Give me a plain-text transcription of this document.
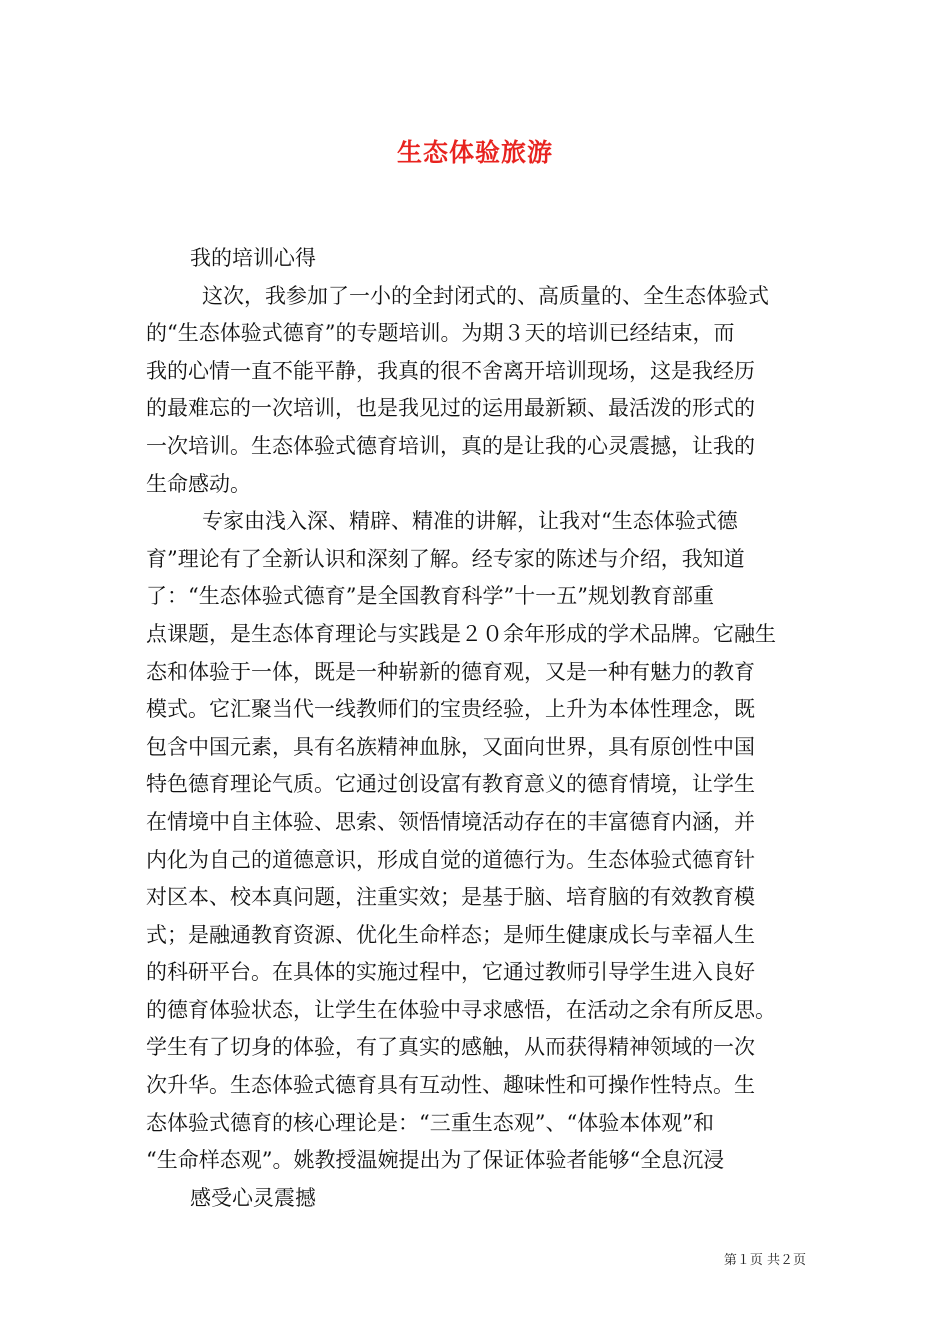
生态体验旅游
我的培训心得
这次，我参加了一小的全封闭式的、高质量的、全生态体验式
的“生态体验式德育”的专题培训。为期３天的培训已经结束，而
我的心情一直不能平静，我真的很不舍离开培训现场，这是我经历
的最难忘的一次培训，也是我见过的运用最新颖、最活泼的形式的
一次培训。生态体验式德育培训，真的是让我的心灵震撼，让我的
生命感动。
专家由浅入深、精辟、精准的讲解，让我对“生态体验式德
育”理论有了全新认识和深刻了解。经专家的陈述与介绍，我知道
了：“生态体验式德育”是全国教育科学”十一五”规划教育部重
点课题，是生态体育理论与实践是２０余年形成的学术品牌。它融生
态和体验于一体，既是一种崭新的德育观，又是一种有魅力的教育
模式。它汇聚当代一线教师们的宝贵经验，上升为本体性理念，既
包含中国元素，具有名族精神血脉，又面向世界，具有原创性中国
特色德育理论气质。它通过创设富有教育意义的德育情境，让学生
在情境中自主体验、思索、领悟情境活动存在的丰富德育内涵，并
内化为自己的道德意识，形成自觉的道德行为。生态体验式德育针
对区本、校本真问题，注重实效；是基于脑、培育脑的有效教育模
式；是融通教育资源、优化生命样态；是师生健康成长与幸福人生
的科研平台。在具体的实施过程中，它通过教师引导学生进入良好
的德育体验状态，让学生在体验中寻求感悟，在活动之余有所反思。
学生有了切身的体验，有了真实的感触，从而获得精神领域的一次
次升华。生态体验式德育具有互动性、趣味性和可操作性特点。生
态体验式德育的核心理论是：“三重生态观”、“体验本体观”和
“生命样态观”。姚教授温婉提出为了保证体验者能够“全息沉浸
感受心灵震撼
第１页 共２页
